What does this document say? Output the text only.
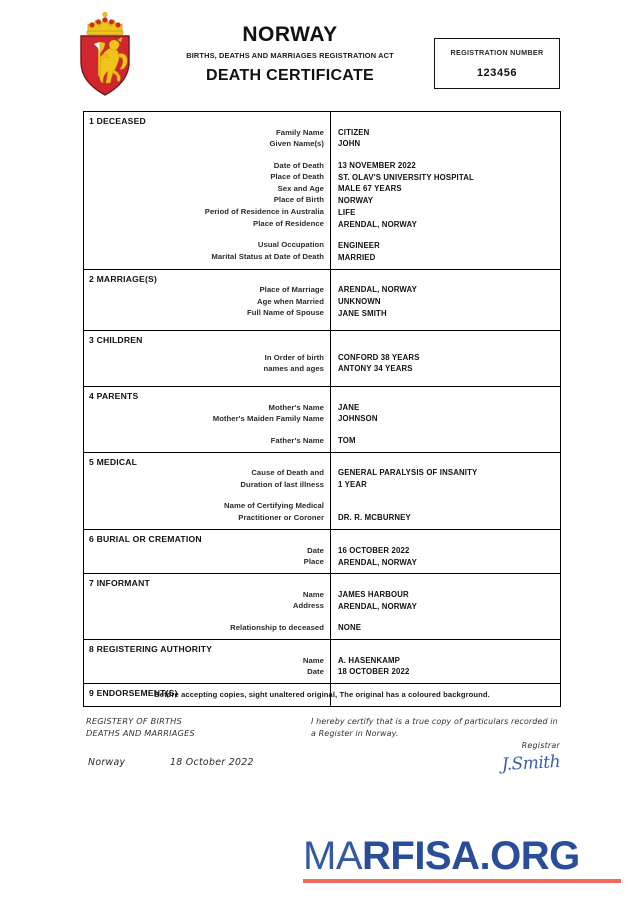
NORWAY
BIRTHS, DEATHS AND MARRIAGES REGISTRATION ACT
DEATH CERTIFICATE
REGISTRATION NUMBER
123456
1 DECEASED
Family Name
Given Name(s)
Date of Death
Place of Death
Sex and Age
Place of Birth
Period of Residence in Australia
Place of Residence
Usual Occupation
Marital Status at Date of Death
CITIZEN
JOHN
13 NOVEMBER 2022
ST. OLAV'S UNIVERSITY HOSPITAL
MALE 67 YEARS
NORWAY
LIFE
ARENDAL, NORWAY
ENGINEER
MARRIED
2 MARRIAGE(S)
Place of Marriage
Age when Married
Full Name of Spouse
ARENDAL, NORWAY
UNKNOWN
JANE SMITH
3 CHILDREN
In Order of birth
names and ages
CONFORD 38 YEARS
ANTONY 34 YEARS
4 PARENTS
Mother's Name
Mother's Maiden Family Name
Father's Name
JANE
JOHNSON
TOM
5 MEDICAL
Cause of Death and
Duration of last illness
Name of Certifying Medical
Practitioner or Coroner
GENERAL PARALYSIS OF INSANITY
1 YEAR

DR. R. MCBURNEY
6 BURIAL OR CREMATION
Date
Place
16 OCTOBER 2022
ARENDAL, NORWAY
7 INFORMANT
Name
Address
Relationship to deceased
JAMES HARBOUR
ARENDAL, NORWAY
NONE
8 REGISTERING AUTHORITY
Name
Date
A. HASENKAMP
18 OCTOBER 2022
9 ENDORSEMENT(S)

Before accepting copies, sight unaltered original, The original has a coloured background.
REGISTERY OF BIRTHS
DEATHS AND MARRIAGES
I hereby certify that is a true copy of particulars recorded in a Register in Norway.
Norway	18 October 2022
Registrar
J.Smith
MARFISA.ORG
